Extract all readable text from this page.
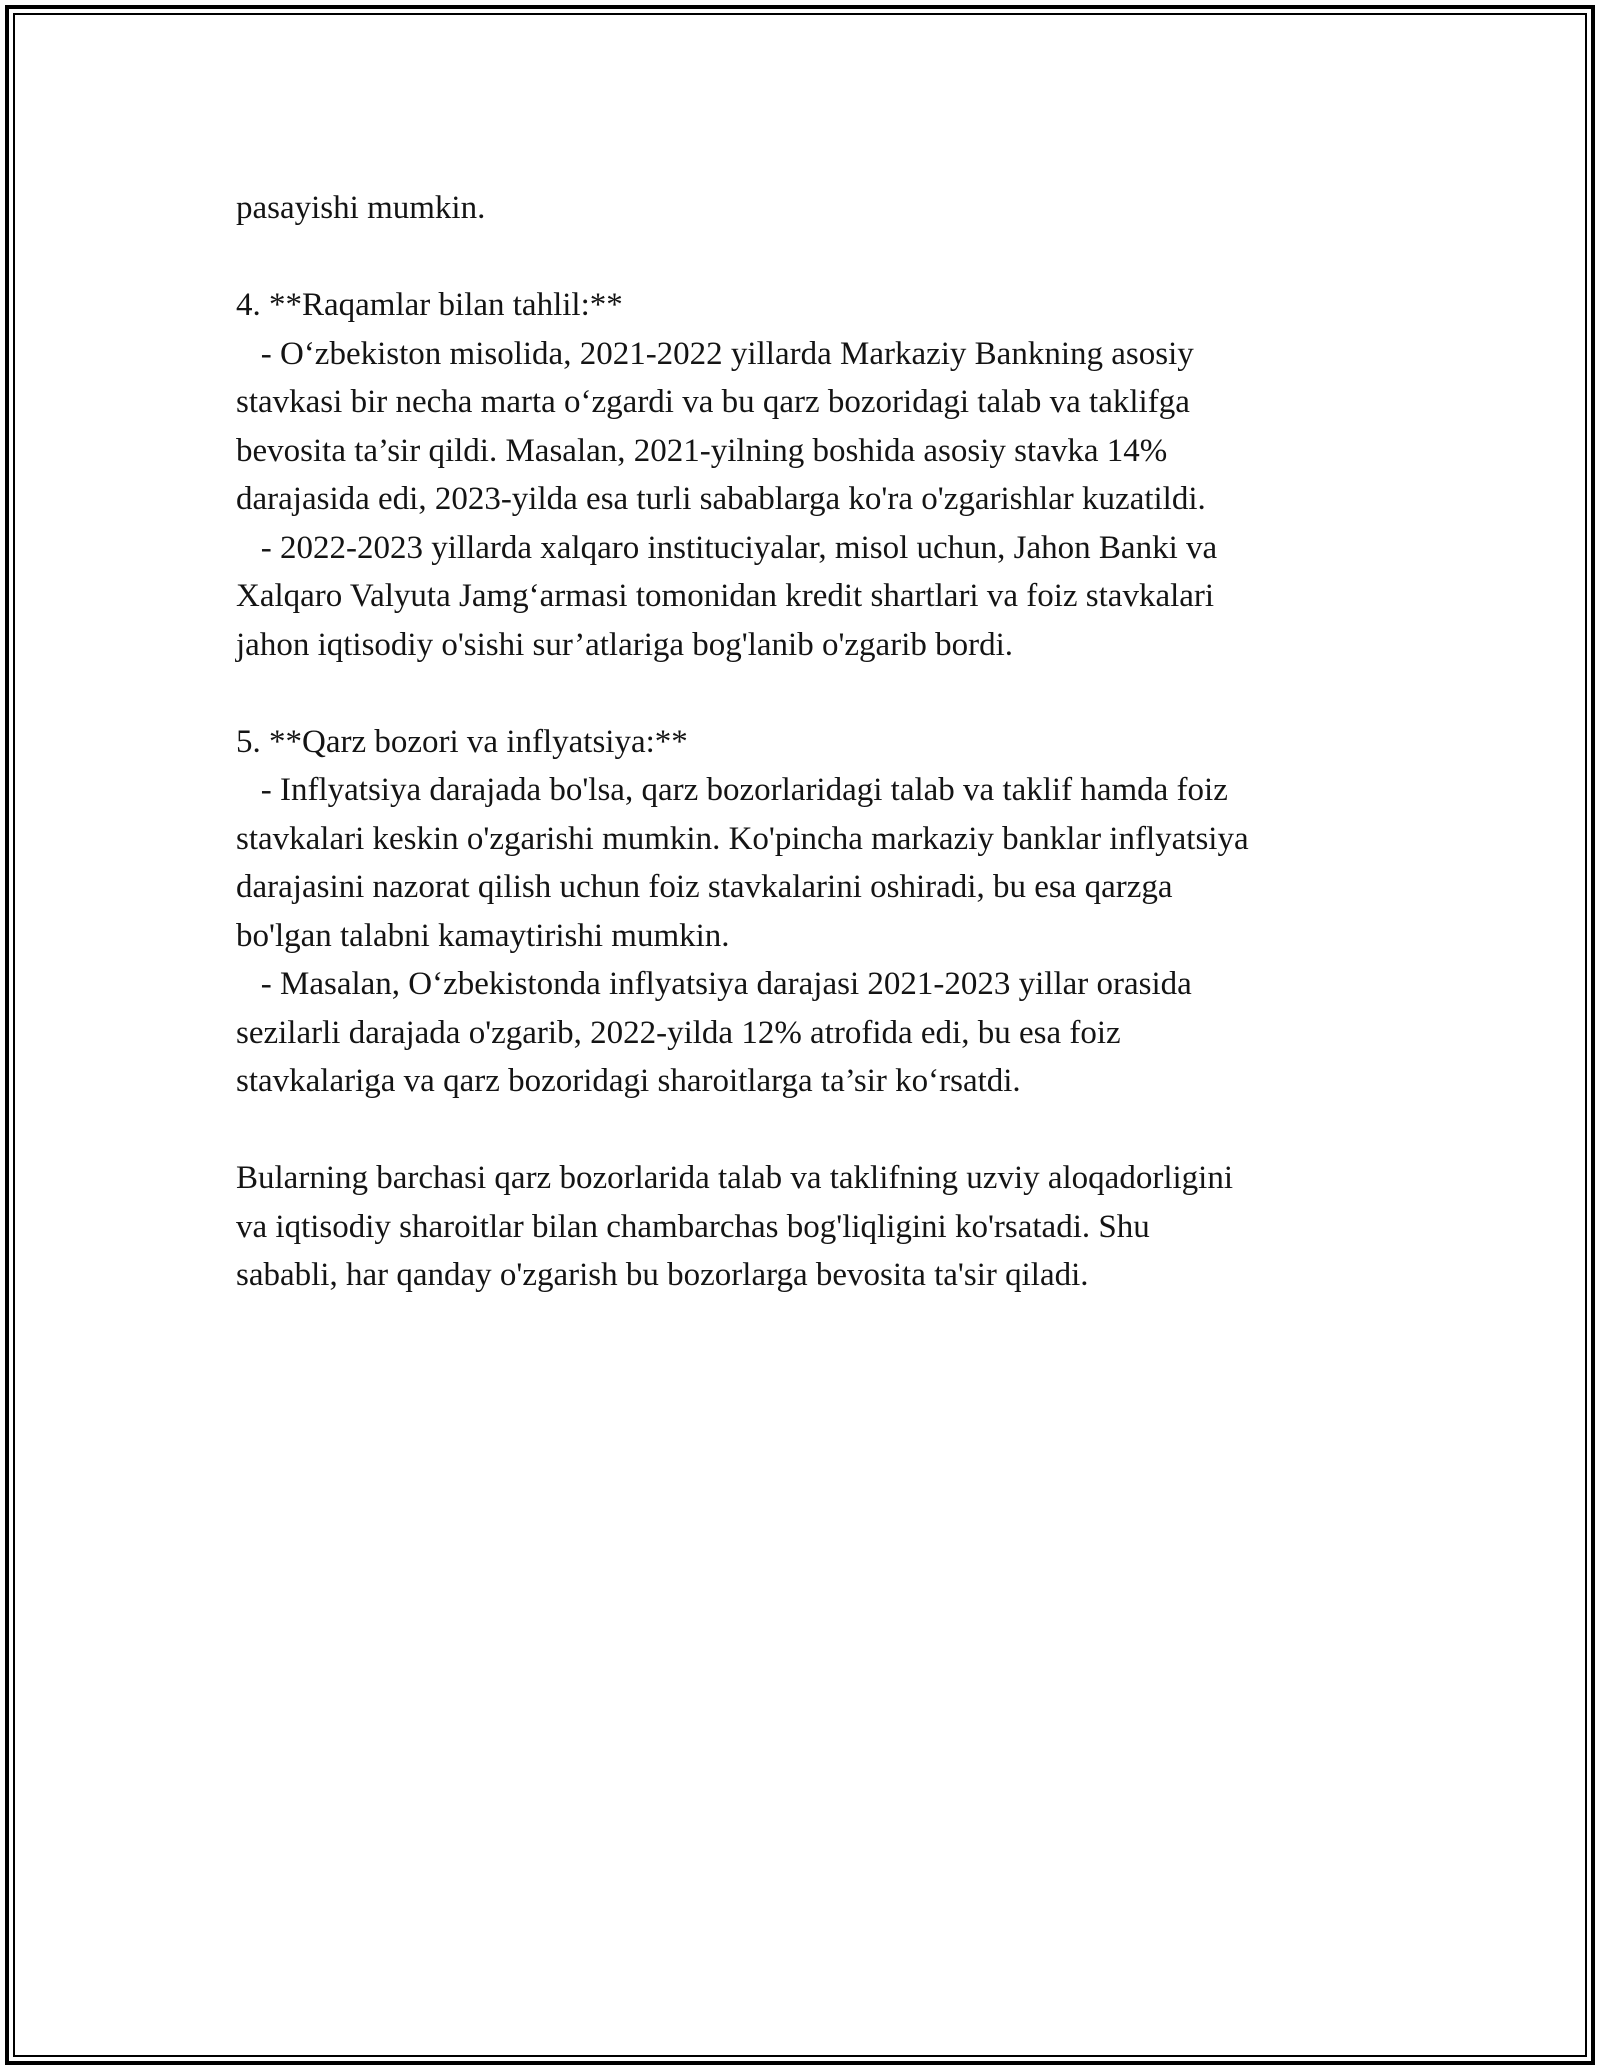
pasayishi mumkin.
4. **Raqamlar bilan tahlil:**
- O‘zbekiston misolida, 2021-2022 yillarda Markaziy Bankning asosiy
stavkasi bir necha marta o‘zgardi va bu qarz bozoridagi talab va taklifga
bevosita ta’sir qildi. Masalan, 2021-yilning boshida asosiy stavka 14%
darajasida edi, 2023-yilda esa turli sabablarga ko'ra o'zgarishlar kuzatildi.
- 2022-2023 yillarda xalqaro instituciyalar, misol uchun, Jahon Banki va
Xalqaro Valyuta Jamg‘armasi tomonidan kredit shartlari va foiz stavkalari
jahon iqtisodiy o'sishi sur’atlariga bog'lanib o'zgarib bordi.
5. **Qarz bozori va inflyatsiya:**
- Inflyatsiya darajada bo'lsa, qarz bozorlaridagi talab va taklif hamda foiz
stavkalari keskin o'zgarishi mumkin. Ko'pincha markaziy banklar inflyatsiya
darajasini nazorat qilish uchun foiz stavkalarini oshiradi, bu esa qarzga
bo'lgan talabni kamaytirishi mumkin.
- Masalan, O‘zbekistonda inflyatsiya darajasi 2021-2023 yillar orasida
sezilarli darajada o'zgarib, 2022-yilda 12% atrofida edi, bu esa foiz
stavkalariga va qarz bozoridagi sharoitlarga ta’sir ko‘rsatdi.
Bularning barchasi qarz bozorlarida talab va taklifning uzviy aloqadorligini
va iqtisodiy sharoitlar bilan chambarchas bog'liqligini ko'rsatadi. Shu
sababli, har qanday o'zgarish bu bozorlarga bevosita ta'sir qiladi.
